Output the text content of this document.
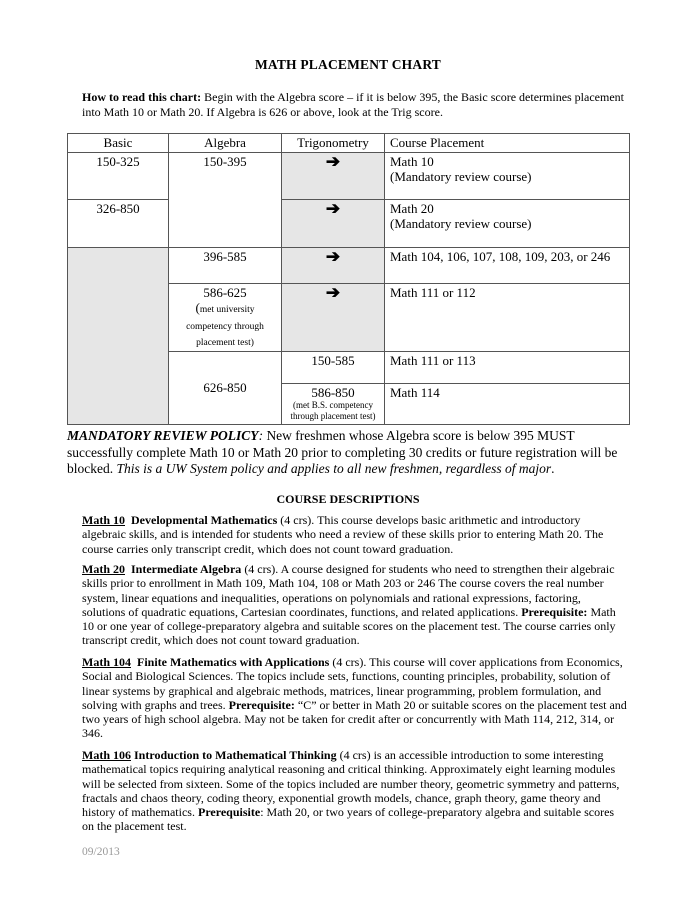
MATH PLACEMENT CHART
How to read this chart: Begin with the Algebra score – if it is below 395, the Basic score determines placement into Math 10 or Math 20. If Algebra is 626 or above, look at the Trig score.
Basic	Algebra	Trigonometry	Course Placement
150-325	150-395	➔	Math 10
(Mandatory review course)
326-850		➔	Math 20
(Mandatory review course)
	396-585	➔	Math 104, 106, 107, 108, 109, 203, or 246
	586-625
(met university competency through placement test)	➔	Math 111 or 112
	626-850	150-585	Math 111 or 113
		586-850
(met B.S. competency through placement test)	Math 114
MANDATORY REVIEW POLICY: New freshmen whose Algebra score is below 395 MUST successfully complete Math 10 or Math 20 prior to completing 30 credits or future registration will be blocked. This is a UW System policy and applies to all new freshmen, regardless of major.
COURSE DESCRIPTIONS
Math 10 Developmental Mathematics (4 crs). This course develops basic arithmetic and introductory algebraic skills, and is intended for students who need a review of these skills prior to entering Math 20. The course carries only transcript credit, which does not count toward graduation.
Math 20 Intermediate Algebra (4 crs). A course designed for students who need to strengthen their algebraic skills prior to enrollment in Math 109, Math 104, 108 or Math 203 or 246 The course covers the real number system, linear equations and inequalities, operations on polynomials and rational expressions, factoring, solutions of quadratic equations, Cartesian coordinates, functions, and related applications. Prerequisite: Math 10 or one year of college-preparatory algebra and suitable scores on the placement test. The course carries only transcript credit, which does not count toward graduation.
Math 104 Finite Mathematics with Applications (4 crs). This course will cover applications from Economics, Social and Biological Sciences. The topics include sets, functions, counting principles, probability, solution of linear systems by graphical and algebraic methods, matrices, linear programming, problem formulation, and solving with graphs and trees. Prerequisite: “C” or better in Math 20 or suitable scores on the placement test and two years of high school algebra. May not be taken for credit after or concurrently with Math 114, 212, 314, or 346.
Math 106 Introduction to Mathematical Thinking (4 crs) is an accessible introduction to some interesting mathematical topics requiring analytical reasoning and critical thinking. Approximately eight learning modules will be selected from sixteen. Some of the topics included are number theory, geometric symmetry and patterns, fractals and chaos theory, coding theory, exponential growth models, chance, graph theory, game theory and history of mathematics. Prerequisite: Math 20, or two years of college-preparatory algebra and suitable scores on the placement test.
09/2013
